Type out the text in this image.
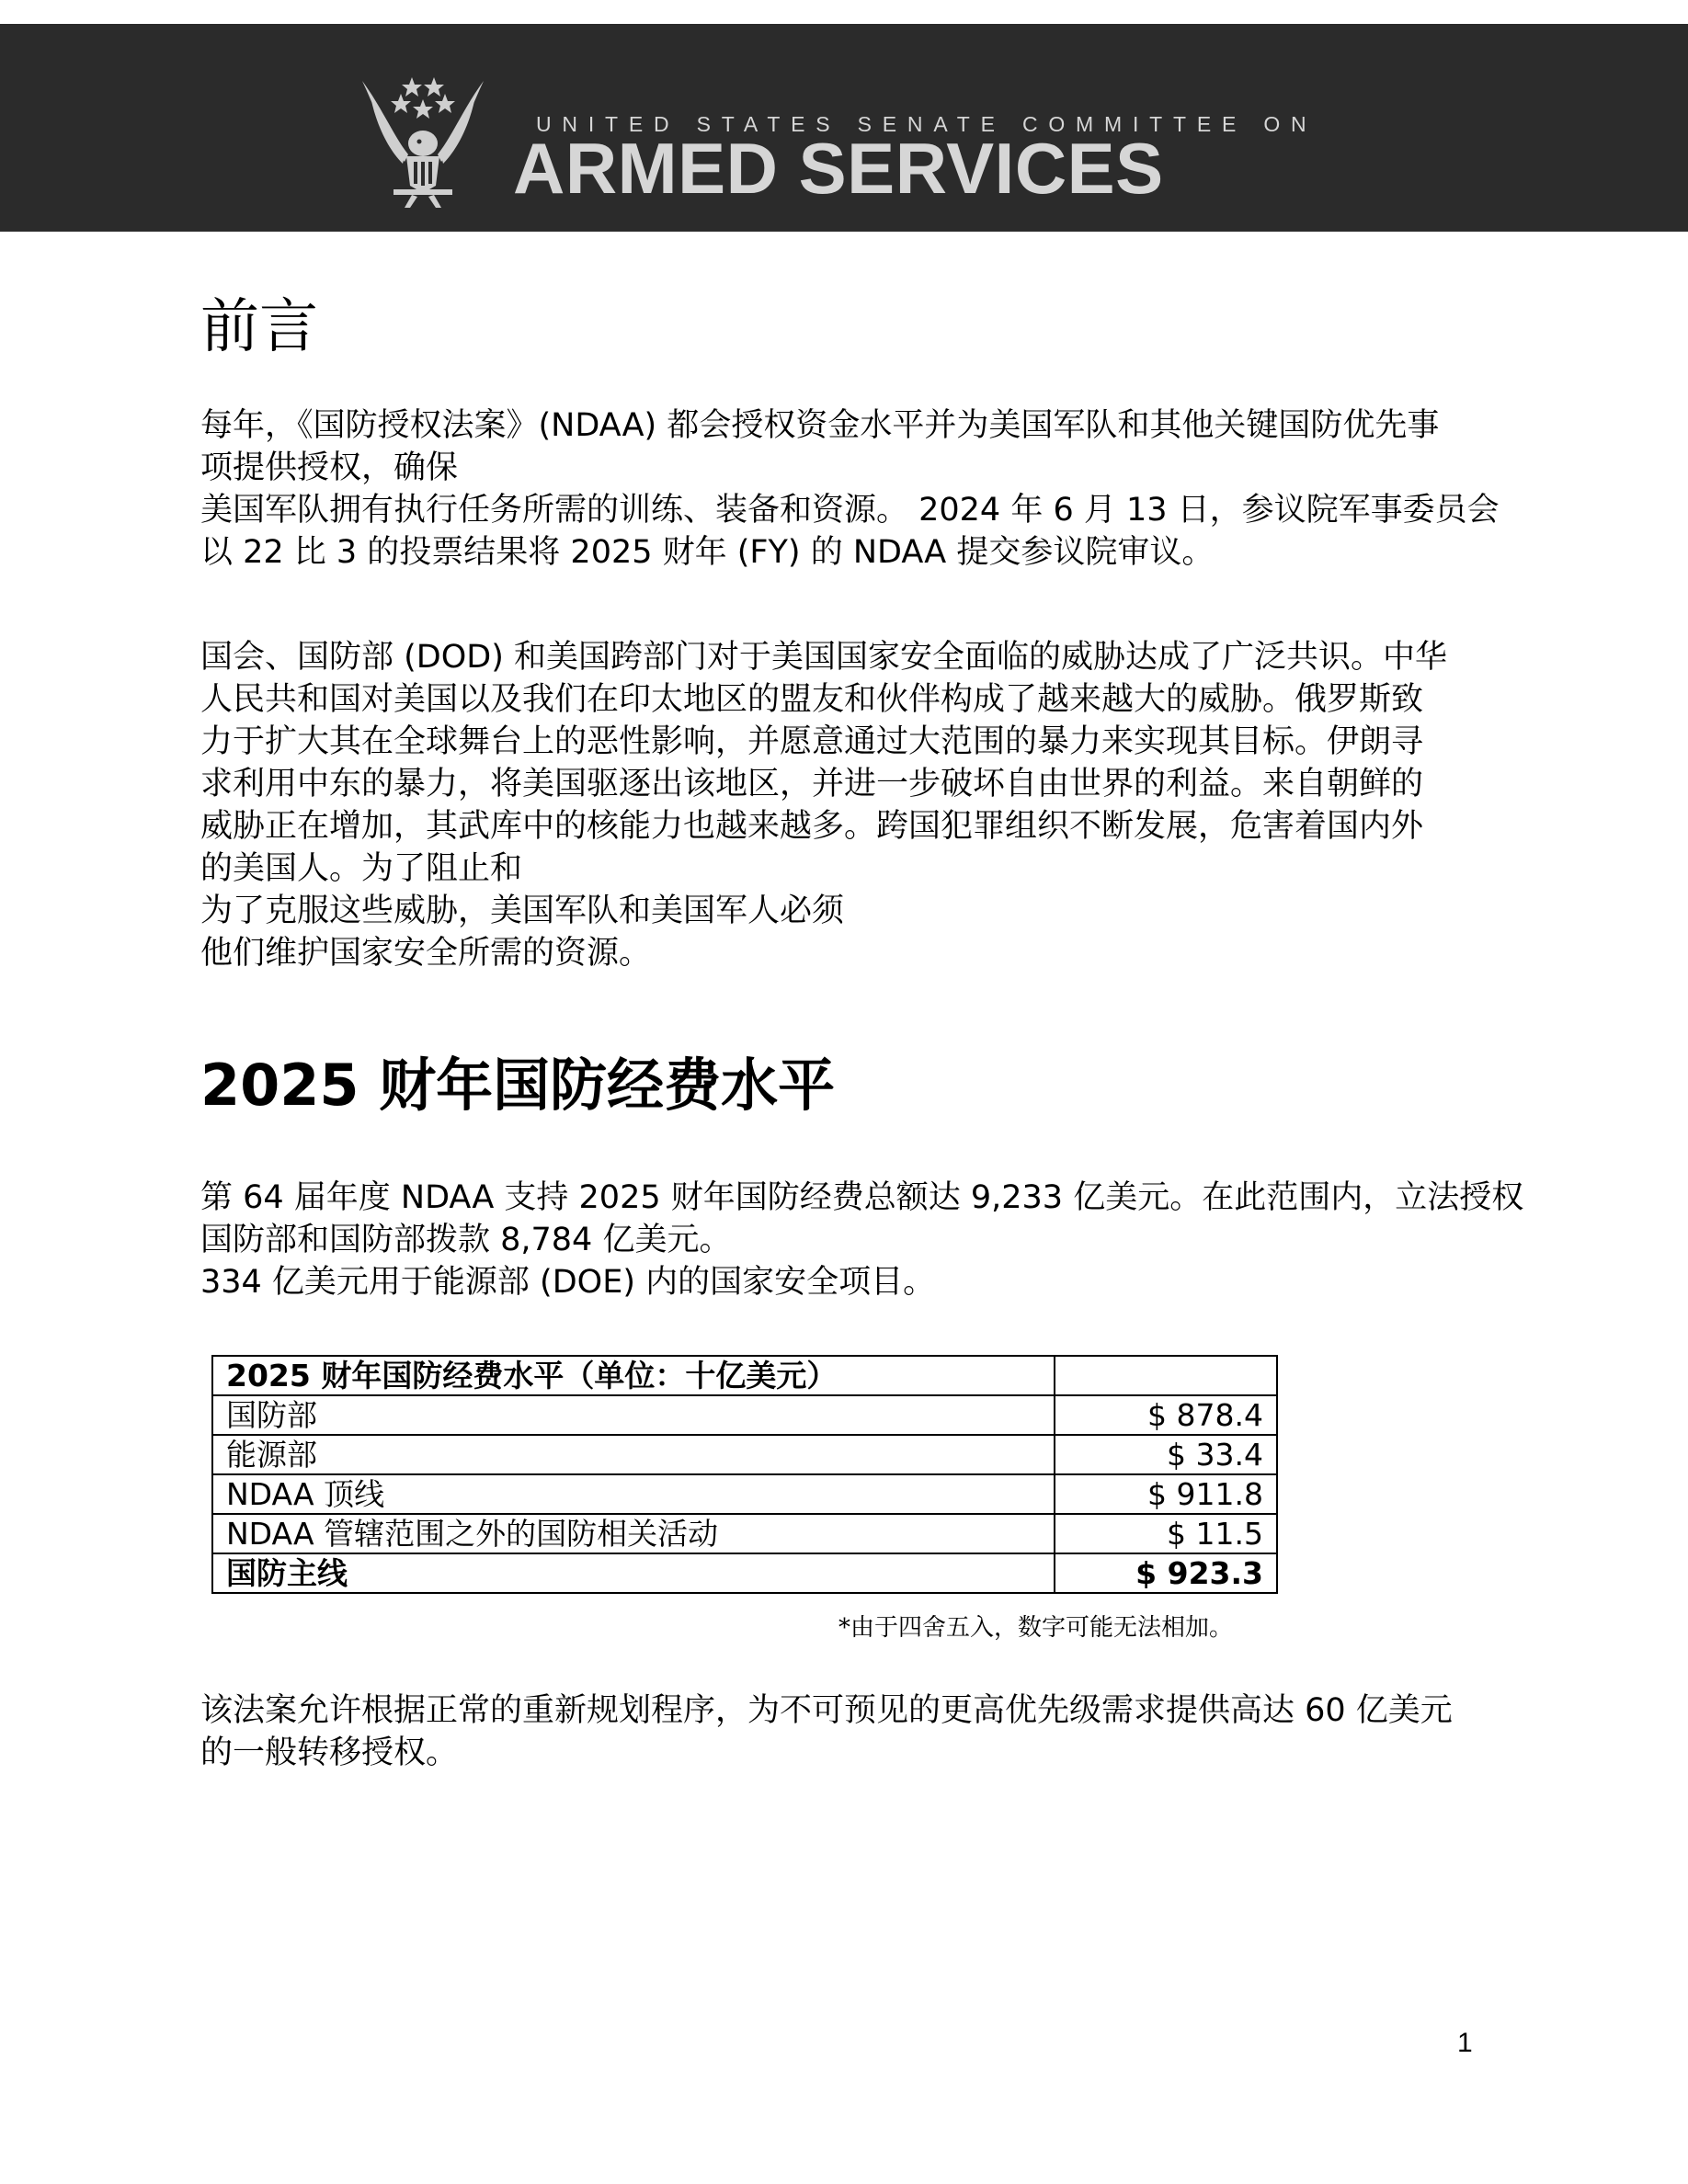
UNITED STATES SENATE COMMITTEE ON
ARMED SERVICES
前言
每年，《国防授权法案》(NDAA) 都会授权资金水平并为美国军队和其他关键国防优先事
项提供授权，确保
美国军队拥有执行任务所需的训练、装备和资源。 2024 年 6 月 13 日，参议院军事委员会
以 22 比 3 的投票结果将 2025 财年 (FY) 的 NDAA 提交参议院审议。
国会、国防部 (DOD) 和美国跨部门对于美国国家安全面临的威胁达成了广泛共识。中华
人民共和国对美国以及我们在印太地区的盟友和伙伴构成了越来越大的威胁。俄罗斯致
力于扩大其在全球舞台上的恶性影响，并愿意通过大范围的暴力来实现其目标。伊朗寻
求利用中东的暴力，将美国驱逐出该地区，并进一步破坏自由世界的利益。来自朝鲜的
威胁正在增加，其武库中的核能力也越来越多。跨国犯罪组织不断发展，危害着国内外
的美国人。为了阻止和
为了克服这些威胁，美国军队和美国军人必须
他们维护国家安全所需的资源。
2025 财年国防经费水平
第 64 届年度 NDAA 支持 2025 财年国防经费总额达 9,233 亿美元。在此范围内，立法授权
国防部和国防部拨款 8,784 亿美元。
334 亿美元用于能源部 (DOE) 内的国家安全项目。
2025 财年国防经费水平（单位：十亿美元）	
国防部	$ 878.4
能源部	$ 33.4
NDAA 顶线	$ 911.8
NDAA 管辖范围之外的国防相关活动	$ 11.5
国防主线	$ 923.3
*由于四舍五入，数字可能无法相加。
该法案允许根据正常的重新规划程序，为不可预见的更高优先级需求提供高达 60 亿美元
的一般转移授权。
1
